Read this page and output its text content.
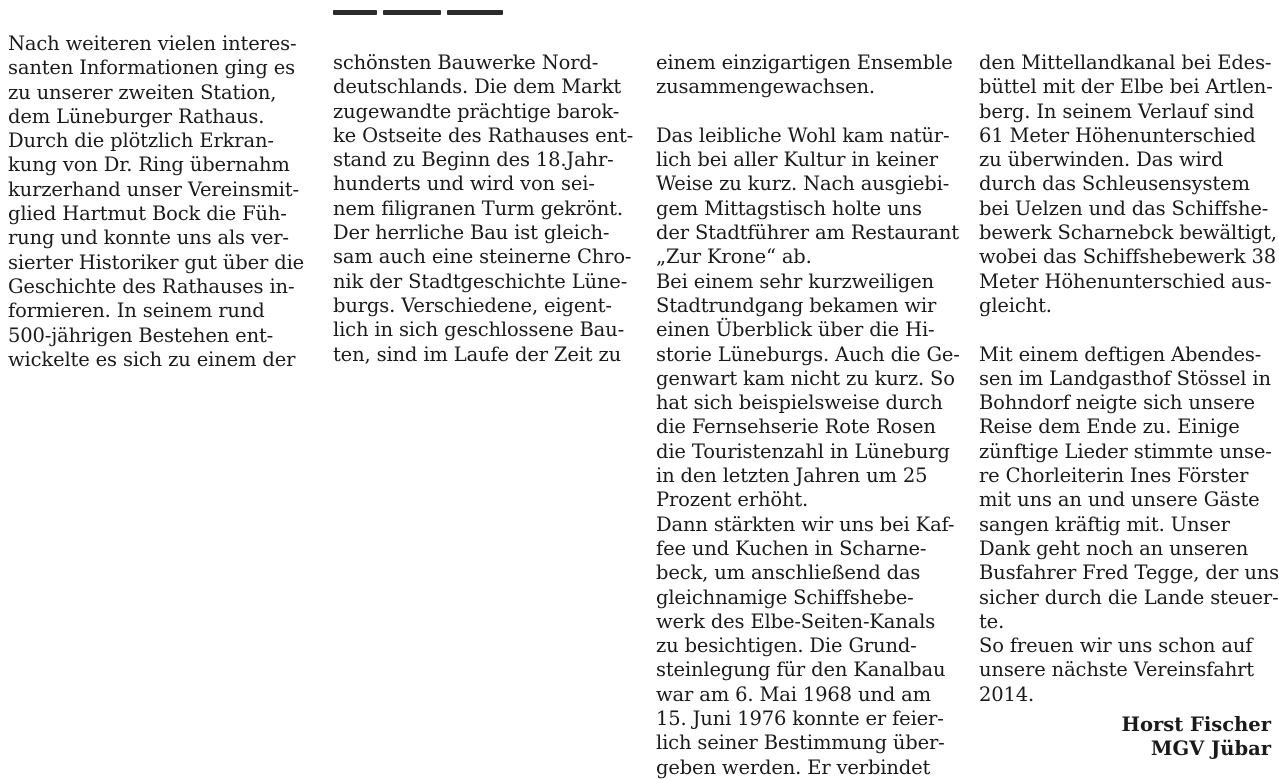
Nach weiteren vielen interes-
santen Informationen ging es
zu unserer zweiten Station,
dem Lüneburger Rathaus.
Durch die plötzlich Erkran-
kung von Dr. Ring übernahm
kurzerhand unser Vereinsmit-
glied Hartmut Bock die Füh-
rung und konnte uns als ver-
sierter Historiker gut über die
Geschichte des Rathauses in-
formieren. In seinem rund
500-jährigen Bestehen ent-
wickelte es sich zu einem der
schönsten Bauwerke Nord-
deutschlands. Die dem Markt
zugewandte prächtige barok-
ke Ostseite des Rathauses ent-
stand zu Beginn des 18.Jahr-
hunderts und wird von sei-
nem filigranen Turm gekrönt.
Der herrliche Bau ist gleich-
sam auch eine steinerne Chro-
nik der Stadtgeschichte Lüne-
burgs. Verschiedene, eigent-
lich in sich geschlossene Bau-
ten, sind im Laufe der Zeit zu
einem einzigartigen Ensemble
zusammengewachsen.
Das leibliche Wohl kam natür-
lich bei aller Kultur in keiner
Weise zu kurz. Nach ausgiebi-
gem Mittagstisch holte uns
der Stadtführer am Restaurant
„Zur Krone“ ab.
Bei einem sehr kurzweiligen
Stadtrundgang bekamen wir
einen Überblick über die Hi-
storie Lüneburgs. Auch die Ge-
genwart kam nicht zu kurz. So
hat sich beispielsweise durch
die Fernsehserie Rote Rosen
die Touristenzahl in Lüneburg
in den letzten Jahren um 25
Prozent erhöht.
Dann stärkten wir uns bei Kaf-
fee und Kuchen in Scharne-
beck, um anschließend das
gleichnamige Schiffshebe-
werk des Elbe-Seiten-Kanals
zu besichtigen. Die Grund-
steinlegung für den Kanalbau
war am 6. Mai 1968 und am
15. Juni 1976 konnte er feier-
lich seiner Bestimmung über-
geben werden. Er verbindet
den Mittellandkanal bei Edes-
büttel mit der Elbe bei Artlen-
berg. In seinem Verlauf sind
61 Meter Höhenunterschied
zu überwinden. Das wird
durch das Schleusensystem
bei Uelzen und das Schiffshe-
bewerk Scharnebck bewältigt,
wobei das Schiffshebewerk 38
Meter Höhenunterschied aus-
gleicht.
Mit einem deftigen Abendes-
sen im Landgasthof Stössel in
Bohndorf neigte sich unsere
Reise dem Ende zu. Einige
zünftige Lieder stimmte unse-
re Chorleiterin Ines Förster
mit uns an und unsere Gäste
sangen kräftig mit. Unser
Dank geht noch an unseren
Busfahrer Fred Tegge, der uns
sicher durch die Lande steuer-
te.
So freuen wir uns schon auf
unsere nächste Vereinsfahrt
2014.
Horst Fischer
MGV Jübar
